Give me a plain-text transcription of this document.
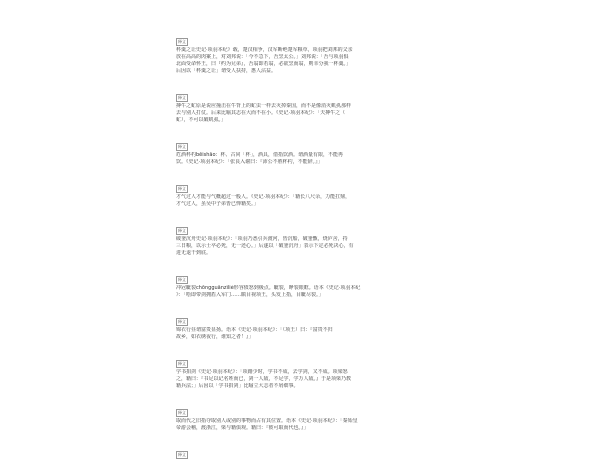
释义
杯羹之让史记·项羽本纪》载，楚汉相争，汉军断绝楚军粮草，项羽把刘邦的父亲
放在高高的肉案上，对刘邦说：「今不急下，吾烹太公。」刘邦说：「吾与项羽俱
北面受命怀王，曰『约为兄弟』，吾翁即若翁，必欲烹而翁，则幸分我一杯羹。」
后因以「杯羹之让」谓受人扶持，惠人沾益。
释义
搏牛之虻原是说应撞击在牛背上的虻虫一样去灭掉秦国，而不是像消灭虮虱那样
去与别人打仗。后来比喻其志在大而不在小。《史记·项羽本纪》：「夫搏牛之（
虻），不可以破虮虱。」
释义
卮酒杯杓bēishāo：杯、古同「杯」，酒具，借指饮酒。谓酒量有限，不能再
饮。《史记·项羽本纪》：「张良入谢曰：『沛公不胜杯杓，不能辞。』」
释义
才气过人才能与气概超过一般人。《史记·项羽本纪》：「籍长八尺余，力能扛鼎，
才气过人，虽吴中子弟皆已惮籍矣。」
释义
破釜沉舟史记·项羽本纪》：「项羽乃悉引兵渡河，皆沉船，破釜甑，烧庐舍，持
三日粮，以示士卒必死，无一还心。」后遂以「破釜沉舟」表示下定必死决心，有
进无退干到底。
释义
冲冠眦裂chōngguānzìliè形容愤怒到极点。眦裂，睁裂眼眶。语本《史记·项羽本纪
》：「哙即带剑拥盾入军门……瞋目视项王，头发上指，目眦尽裂。」
释义
锦衣行昼谓富贵显扬。语本《史记·项羽本纪》：「（项王）曰：『富贵不归
故乡，如衣绣夜行，谁知之者！』」
释义
学书捐剑《史记·项羽本纪》：「项籍少时，学书不成，去学剑，又不成。项梁怒
之，籍曰：『书足以记名姓而已，剑一人敌，不足学，学万人敌。』于是项梁乃教
籍兵法；」后因以「学书捐剑」比喻立大志者不屑细事。
释义
取而代之旧指夺取别人或别的事物而占有其位置。语本《史记·项羽本纪》：「秦始皇
帝游会稽，渡浙江，梁与籍俱观。籍曰：『彼可取而代也。』」
释义
